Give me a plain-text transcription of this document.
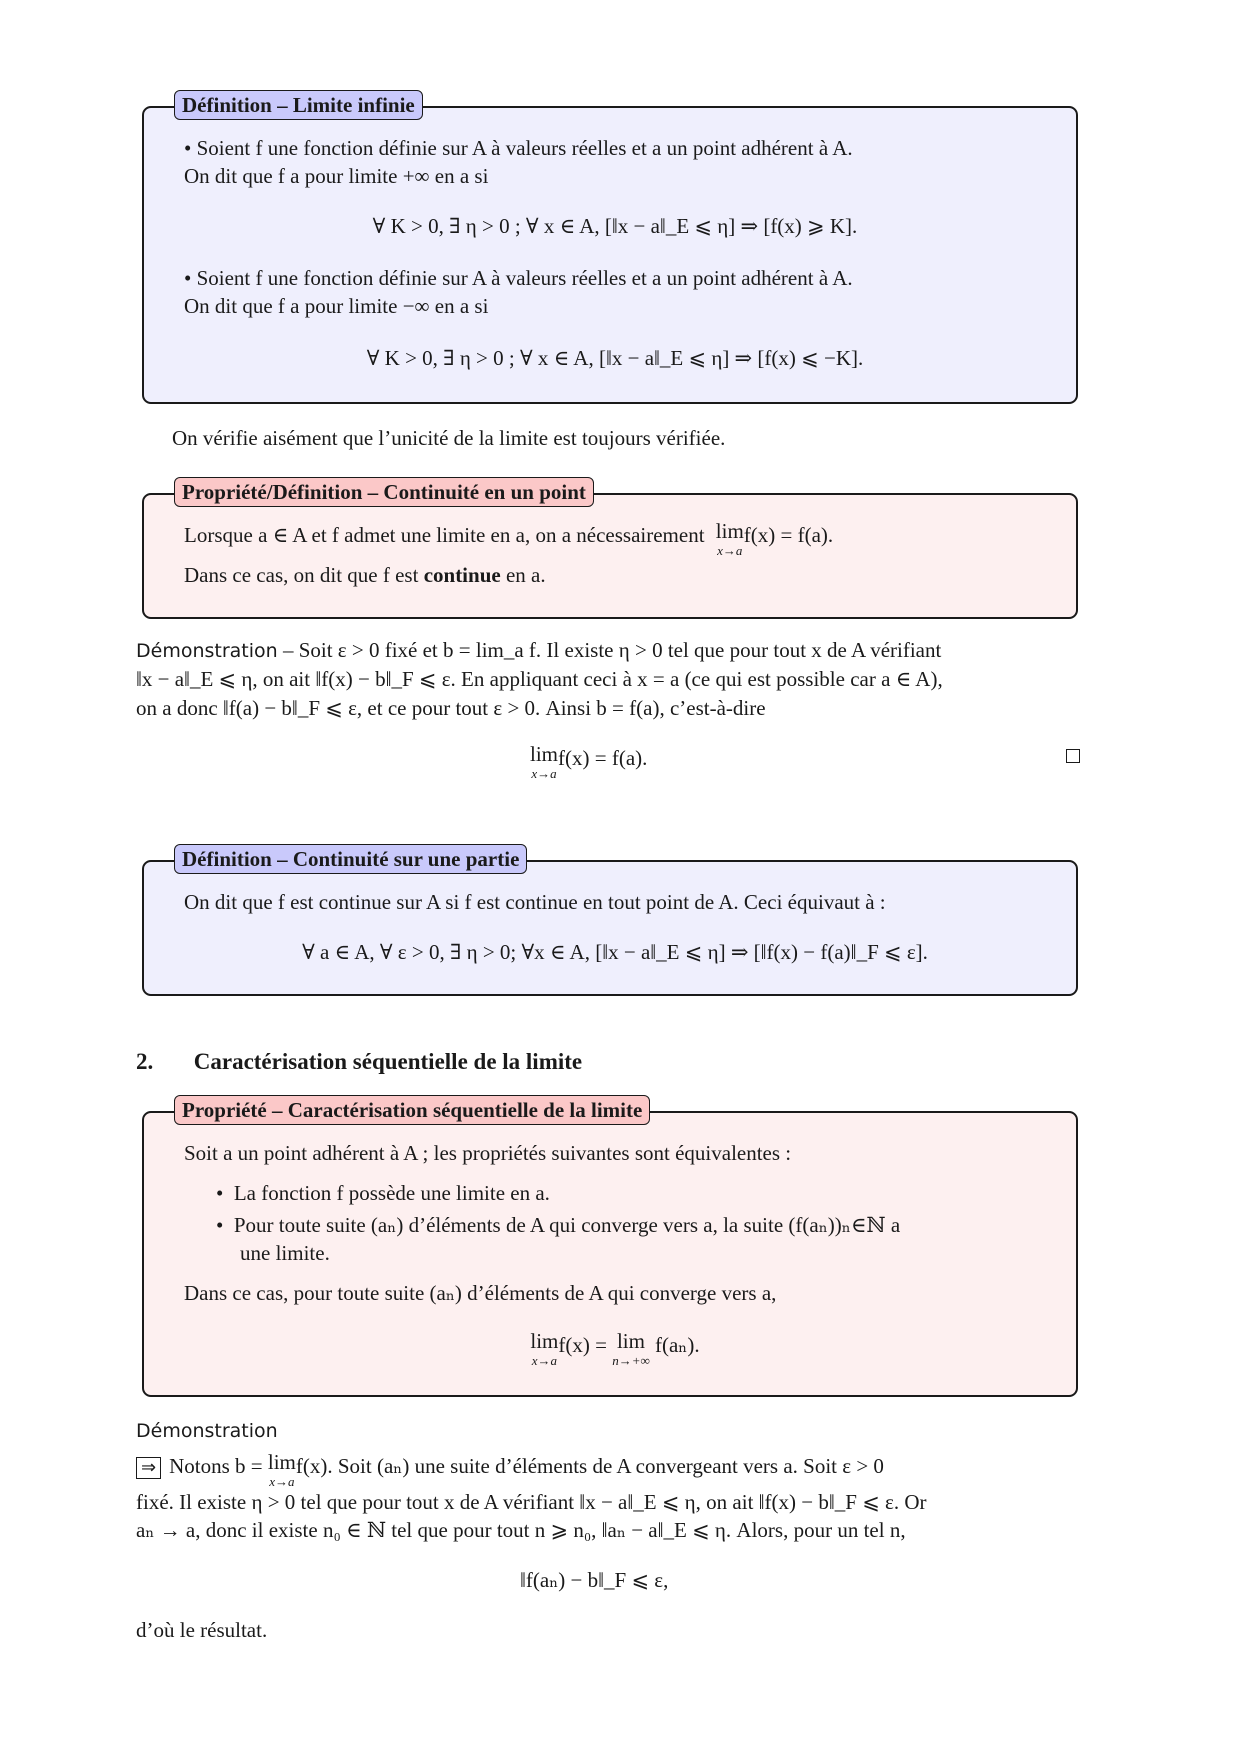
Définition – Limite infinie
• Soient f une fonction définie sur A à valeurs réelles et a un point adhérent à A.
On dit que f a pour limite +∞ en a si
∀ K > 0, ∃ η > 0 ; ∀ x ∈ A, [‖x − a‖_E ⩽ η] ⇒ [f(x) ⩾ K].
• Soient f une fonction définie sur A à valeurs réelles et a un point adhérent à A.
On dit que f a pour limite −∞ en a si
∀ K > 0, ∃ η > 0 ; ∀ x ∈ A, [‖x − a‖_E ⩽ η] ⇒ [f(x) ⩽ −K].
On vérifie aisément que l’unicité de la limite est toujours vérifiée.
Propriété/Définition – Continuité en un point
Lorsque a ∈ A et f admet une limite en a, on a nécessairement lim
x→a
f(x) = f(a).
Dans ce cas, on dit que f est continue en a.
Démonstration – Soit ε > 0 fixé et b = lim_a f. Il existe η > 0 tel que pour tout x de A vérifiant
‖x − a‖_E ⩽ η, on ait ‖f(x) − b‖_F ⩽ ε. En appliquant ceci à x = a (ce qui est possible car a ∈ A),
on a donc ‖f(a) − b‖_F ⩽ ε, et ce pour tout ε > 0. Ainsi b = f(a), c’est-à-dire
lim
x→a
f(x) = f(a).
Définition – Continuité sur une partie
On dit que f est continue sur A si f est continue en tout point de A. Ceci équivaut à :
∀ a ∈ A, ∀ ε > 0, ∃ η > 0; ∀x ∈ A, [‖x − a‖_E ⩽ η] ⇒ [‖f(x) − f(a)‖_F ⩽ ε].
2. Caractérisation séquentielle de la limite
Propriété – Caractérisation séquentielle de la limite
Soit a un point adhérent à A ; les propriétés suivantes sont équivalentes :
•  La fonction f possède une limite en a.
•  Pour toute suite (aₙ) d’éléments de A qui converge vers a, la suite (f(aₙ))ₙ∈ℕ a
une limite.
Dans ce cas, pour toute suite (aₙ) d’éléments de A qui converge vers a,
lim
x→a
f(x) = lim
n→+∞
f(aₙ).
Démonstration
⇒ Notons b = lim
x→a
f(x). Soit (aₙ) une suite d’éléments de A convergeant vers a. Soit ε > 0
fixé. Il existe η > 0 tel que pour tout x de A vérifiant ‖x − a‖_E ⩽ η, on ait ‖f(x) − b‖_F ⩽ ε. Or
aₙ → a, donc il existe n₀ ∈ ℕ tel que pour tout n ⩾ n₀, ‖aₙ − a‖_E ⩽ η. Alors, pour un tel n,
‖f(aₙ) − b‖_F ⩽ ε,
d’où le résultat.
